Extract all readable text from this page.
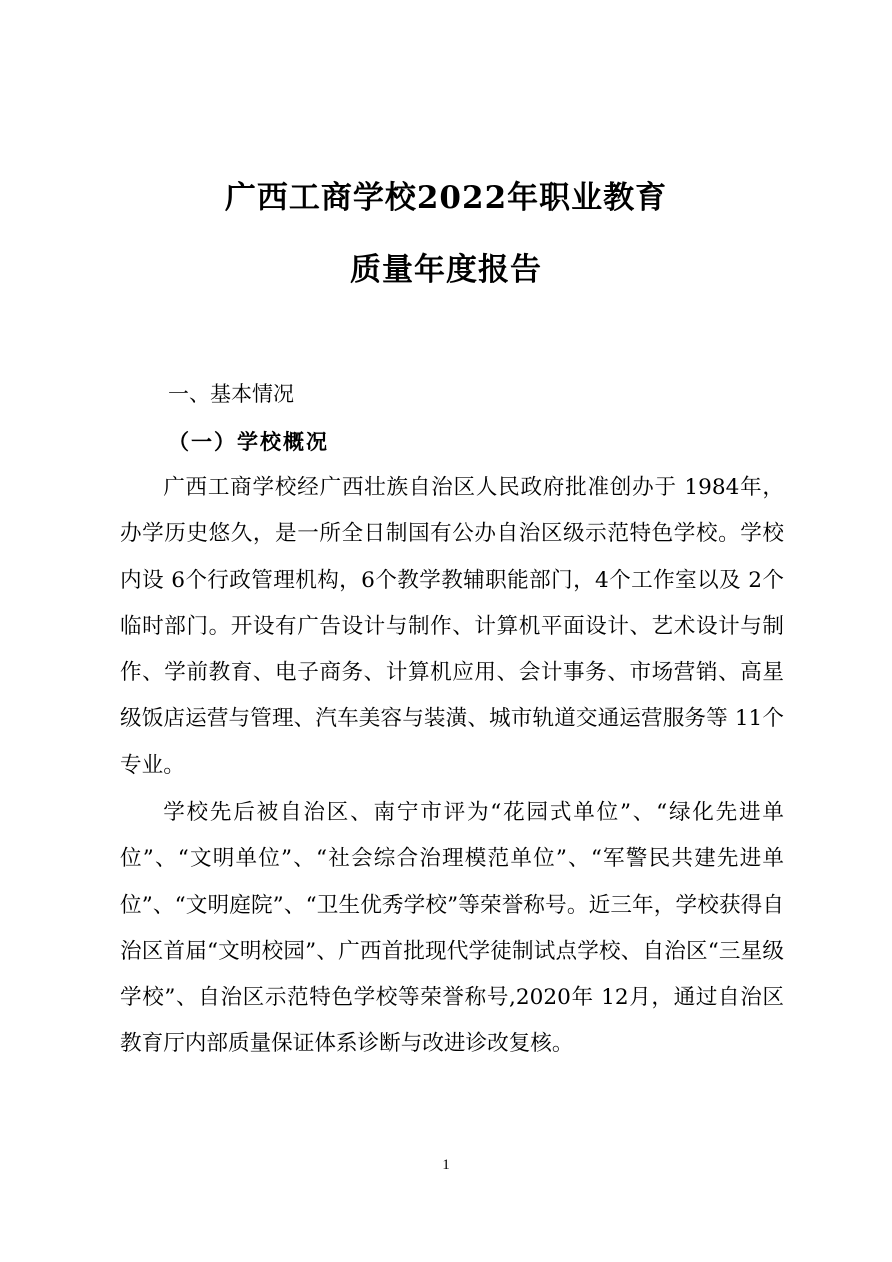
广西工商学校2022年职业教育
质量年度报告
一、基本情况
（一）学校概况

广西工商学校经广西壮族自治区人民政府批准创办于 1984年，办学历史悠久，是一所全日制国有公办自治区级示范特色学校。学校内设 6个行政管理机构，6个教学教辅职能部门，4个工作室以及 2个临时部门。开设有广告设计与制作、计算机平面设计、艺术设计与制作、学前教育、电子商务、计算机应用、会计事务、市场营销、高星级饭店运营与管理、汽车美容与装潢、城市轨道交通运营服务等 11个专业。

学校先后被自治区、南宁市评为“花园式单位”、“绿化先进单位”、“文明单位”、“社会综合治理模范单位”、“军警民共建先进单位”、“文明庭院”、“卫生优秀学校”等荣誉称号。近三年，学校获得自治区首届“文明校园”、广西首批现代学徒制试点学校、自治区“三星级学校”、自治区示范特色学校等荣誉称号,2020年 12月，通过自治区教育厅内部质量保证体系诊断与改进诊改复核。

1
